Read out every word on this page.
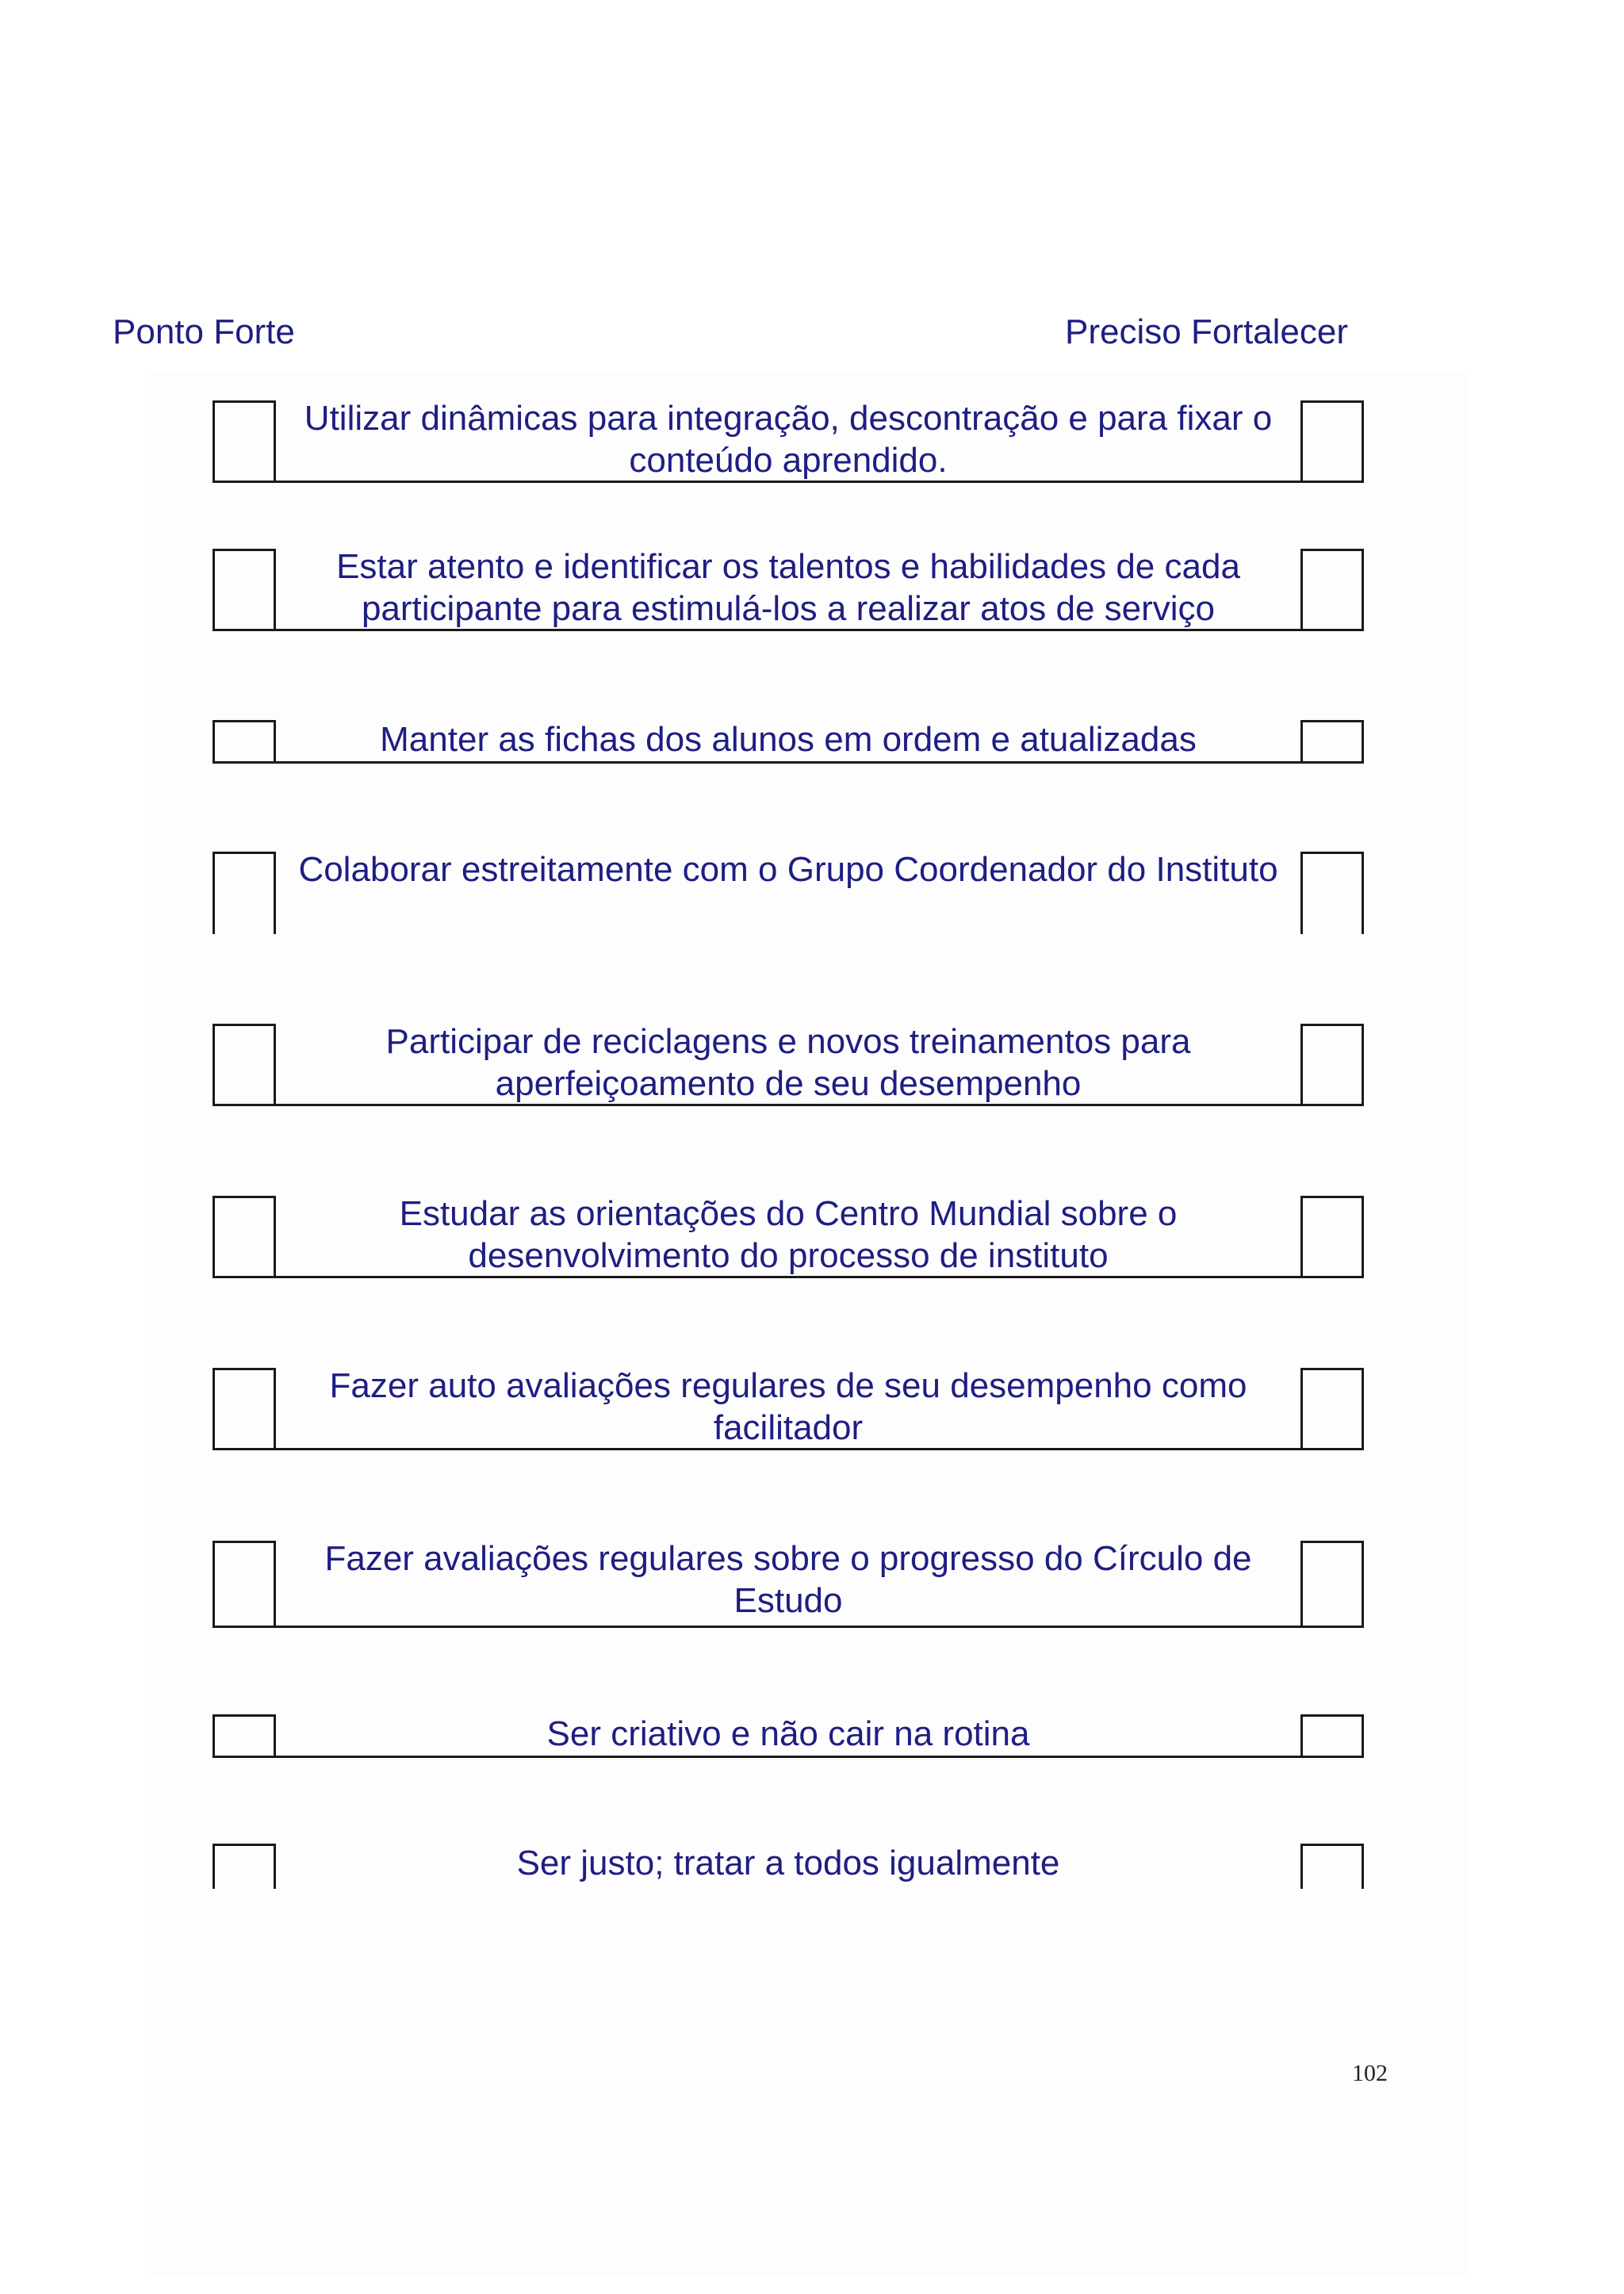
Ponto Forte	Preciso Fortalecer
Utilizar dinâmicas para integração, descontração e para fixar o conteúdo aprendido.
Estar atento e identificar os talentos e habilidades de cada participante para estimulá-los a realizar atos de serviço
Manter as fichas dos alunos em ordem e atualizadas
Colaborar estreitamente com o Grupo Coordenador do Instituto
Participar de reciclagens e novos treinamentos para aperfeiçoamento de seu desempenho
Estudar as orientações do Centro Mundial sobre o desenvolvimento do processo de instituto
Fazer auto avaliações regulares de seu desempenho como facilitador
Fazer avaliações regulares sobre o progresso do Círculo de Estudo
Ser criativo e não cair na rotina
Ser justo; tratar a todos igualmente
102
